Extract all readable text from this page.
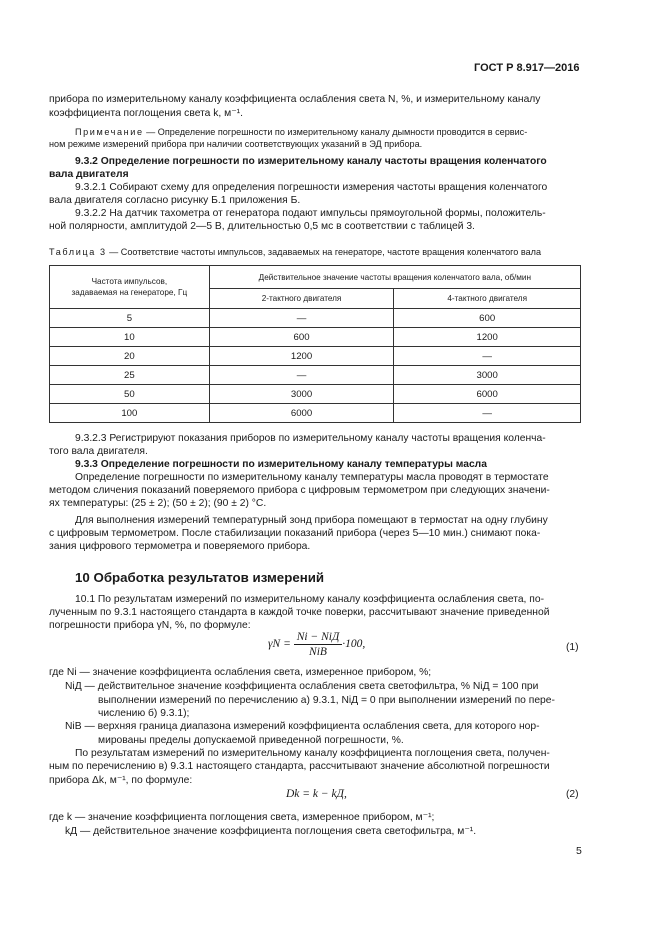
ГОСТ Р 8.917—2016
прибора по измерительному каналу коэффициента ослабления света N, %, и измерительному каналу
коэффициента поглощения света k, м⁻¹.
Примечание — Определение погрешности по измерительному каналу дымности проводится в сервис-
ном режиме измерений прибора при наличии соответствующих указаний в ЭД прибора.
9.3.2 Определение погрешности по измерительному каналу частоты вращения коленчатого
вала двигателя
9.3.2.1 Собирают схему для определения погрешности измерения частоты вращения коленчатого
вала двигателя согласно рисунку Б.1 приложения Б.
9.3.2.2 На датчик тахометра от генератора подают импульсы прямоугольной формы, положитель-
ной полярности, амплитудой 2—5 В, длительностью 0,5 мс в соответствии с таблицей 3.
Таблица 3 — Соответствие частоты импульсов, задаваемых на генераторе, частоте вращения коленчатого вала
Частота импульсов,
задаваемая на генераторе, Гц	Действительное значение частоты вращения коленчатого вала, об/мин	
	2-тактного двигателя	4-тактного двигателя
5	—	600
10	600	1200
20	1200	—
25	—	3000
50	3000	6000
100	6000	—
9.3.2.3 Регистрируют показания приборов по измерительному каналу частоты вращения коленча-
того вала двигателя.
9.3.3 Определение погрешности по измерительному каналу температуры масла
Определение погрешности по измерительному каналу температуры масла проводят в термостате
методом сличения показаний поверяемого прибора с цифровым термометром при следующих значени-
ях температуры: (25 ± 2); (50 ± 2); (90 ± 2) °С.
Для выполнения измерений температурный зонд прибора помещают в термостат на одну глубину
с цифровым термометром. После стабилизации показаний прибора (через 5—10 мин.) снимают пока-
зания цифрового термометра и поверяемого прибора.
10 Обработка результатов измерений
10.1 По результатам измерений по измерительному каналу коэффициента ослабления света, по-
лученным по 9.3.1 настоящего стандарта в каждой точке поверки, рассчитывают значение приведенной
погрешности прибора γN, %, по формуле:
$\gamma N = \frac{\text{Ni − NiД}}{\text{NiВ}} \cdot 100$,	(1)
где Ni — значение коэффициента ослабления света, измеренное прибором, %;
NiД — действительное значение коэффициента ослабления света светофильтра, % NiД = 100 при
выполнении измерений по перечислению а) 9.3.1, NiД = 0 при выполнении измерений по пере-
числению б) 9.3.1);
NiВ — верхняя граница диапазона измерений коэффициента ослабления света, для которого нор-
мированы пределы допускаемой приведенной погрешности, %.
По результатам измерений по измерительному каналу коэффициента поглощения света, получен-
ным по перечислению в) 9.3.1 настоящего стандарта, рассчитывают значение абсолютной погрешности
прибора Δk, м⁻¹, по формуле:
Dk = k − kД,	(2)
где k — значение коэффициента поглощения света, измеренное прибором, м⁻¹;
kД — действительное значение коэффициента поглощения света светофильтра, м⁻¹.
5
